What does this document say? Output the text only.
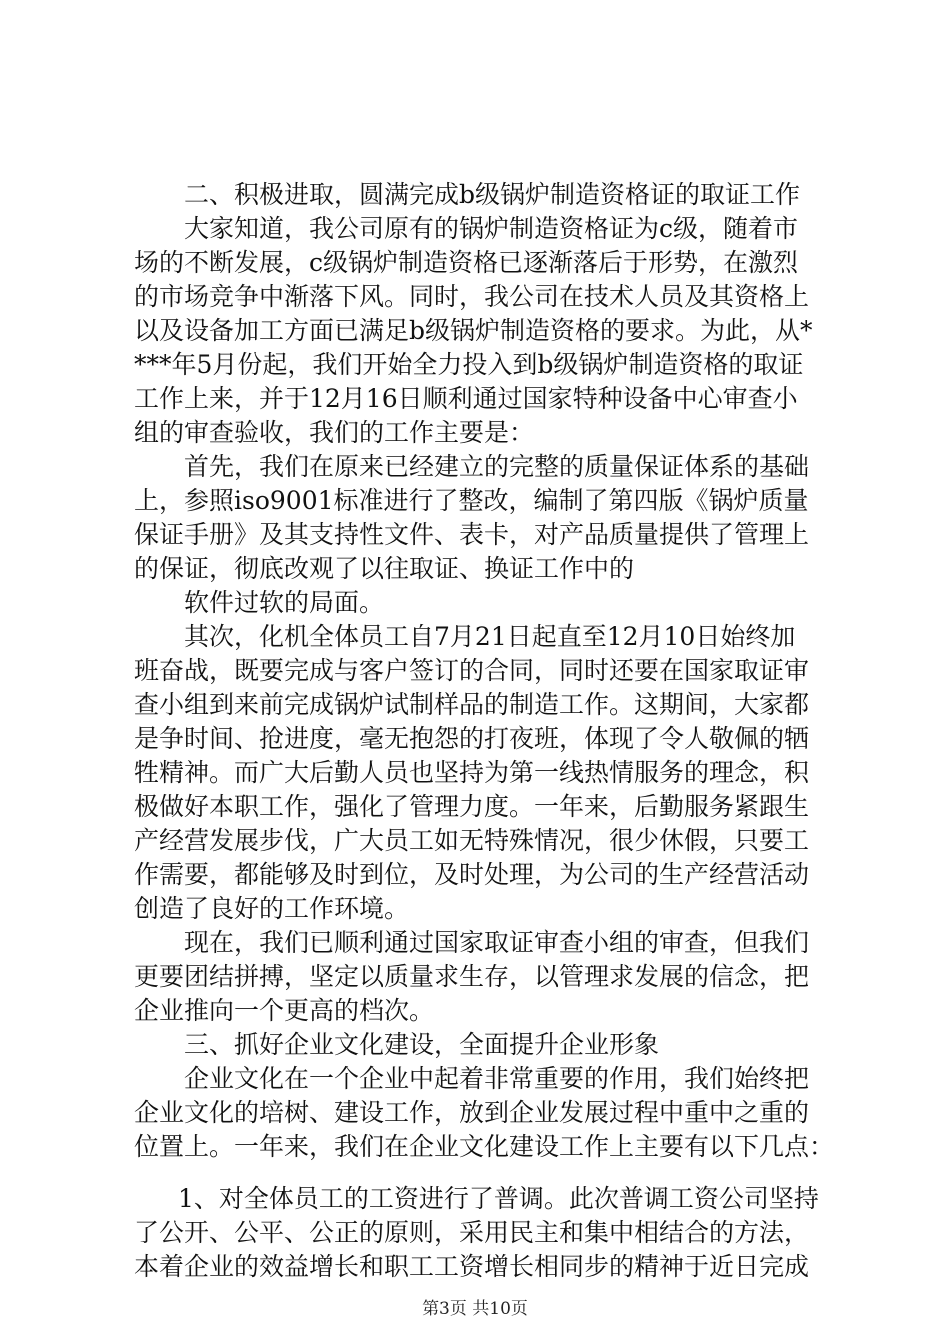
二、积极进取，圆满完成b级锅炉制造资格证的取证工作
大家知道，我公司原有的锅炉制造资格证为c级，随着市
场的不断发展，c级锅炉制造资格已逐渐落后于形势，在激烈
的市场竞争中渐落下风。同时，我公司在技术人员及其资格上
以及设备加工方面已满足b级锅炉制造资格的要求。为此，从*
***年5月份起，我们开始全力投入到b级锅炉制造资格的取证
工作上来，并于12月16日顺利通过国家特种设备中心审查小
组的审查验收，我们的工作主要是：
首先，我们在原来已经建立的完整的质量保证体系的基础
上，参照iso9001标准进行了整改，编制了第四版《锅炉质量
保证手册》及其支持性文件、表卡，对产品质量提供了管理上
的保证，彻底改观了以往取证、换证工作中的
软件过软的局面。
其次，化机全体员工自7月21日起直至12月10日始终加
班奋战，既要完成与客户签订的合同，同时还要在国家取证审
查小组到来前完成锅炉试制样品的制造工作。这期间，大家都
是争时间、抢进度，毫无抱怨的打夜班，体现了令人敬佩的牺
牲精神。而广大后勤人员也坚持为第一线热情服务的理念，积
极做好本职工作，强化了管理力度。一年来，后勤服务紧跟生
产经营发展步伐，广大员工如无特殊情况，很少休假，只要工
作需要，都能够及时到位，及时处理，为公司的生产经营活动
创造了良好的工作环境。
现在，我们已顺利通过国家取证审查小组的审查，但我们
更要团结拼搏，坚定以质量求生存，以管理求发展的信念，把
企业推向一个更高的档次。
三、抓好企业文化建设，全面提升企业形象
企业文化在一个企业中起着非常重要的作用，我们始终把
企业文化的培树、建设工作，放到企业发展过程中重中之重的
位置上。一年来，我们在企业文化建设工作上主要有以下几点：
1、对全体员工的工资进行了普调。此次普调工资公司坚持
了公开、公平、公正的原则，采用民主和集中相结合的方法，
本着企业的效益增长和职工工资增长相同步的精神于近日完成
第3页 共10页
